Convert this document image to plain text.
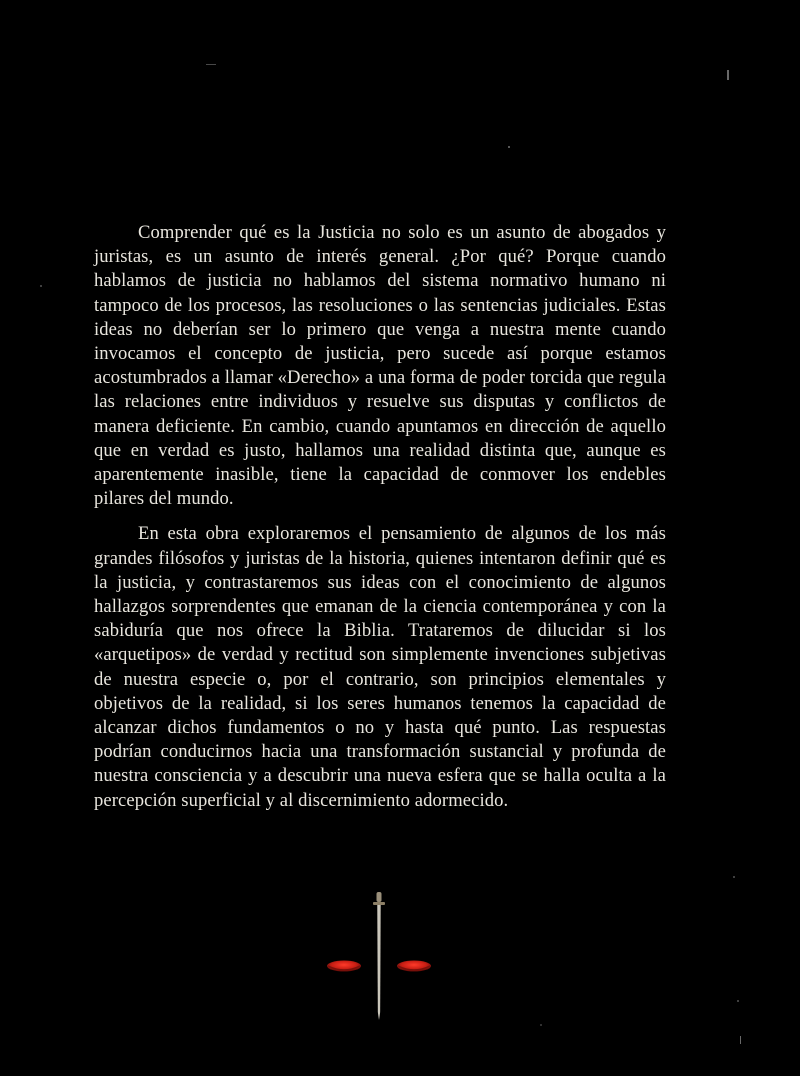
Comprender qué es la Justicia no solo es un asunto de abogados y juristas, es un asunto de interés general. ¿Por qué? Porque cuando hablamos de justicia no hablamos del sistema normativo humano ni tampoco de los procesos, las resoluciones o las sentencias judiciales. Estas ideas no deberían ser lo primero que venga a nuestra mente cuando invocamos el concepto de justicia, pero sucede así porque estamos acostumbrados a llamar «Derecho» a una forma de poder torcida que regula las relaciones entre individuos y resuelve sus disputas y conflictos de manera deficiente. En cambio, cuando apuntamos en dirección de aquello que en verdad es justo, hallamos una realidad distinta que, aunque es aparentemente inasible, tiene la capacidad de conmover los endebles pilares del mundo.

En esta obra exploraremos el pensamiento de algunos de los más grandes filósofos y juristas de la historia, quienes intentaron definir qué es la justicia, y contrastaremos sus ideas con el conocimiento de algunos hallazgos sorprendentes que emanan de la ciencia contemporánea y con la sabiduría que nos ofrece la Biblia. Trataremos de dilucidar si los «arquetipos» de verdad y rectitud son simplemente invenciones subjetivas de nuestra especie o, por el contrario, son principios elementales y objetivos de la realidad, si los seres humanos tenemos la capacidad de alcanzar dichos fundamentos o no y hasta qué punto. Las respuestas podrían conducirnos hacia una transformación sustancial y profunda de nuestra consciencia y a descubrir una nueva esfera que se halla oculta a la percepción superficial y al discernimiento adormecido.
